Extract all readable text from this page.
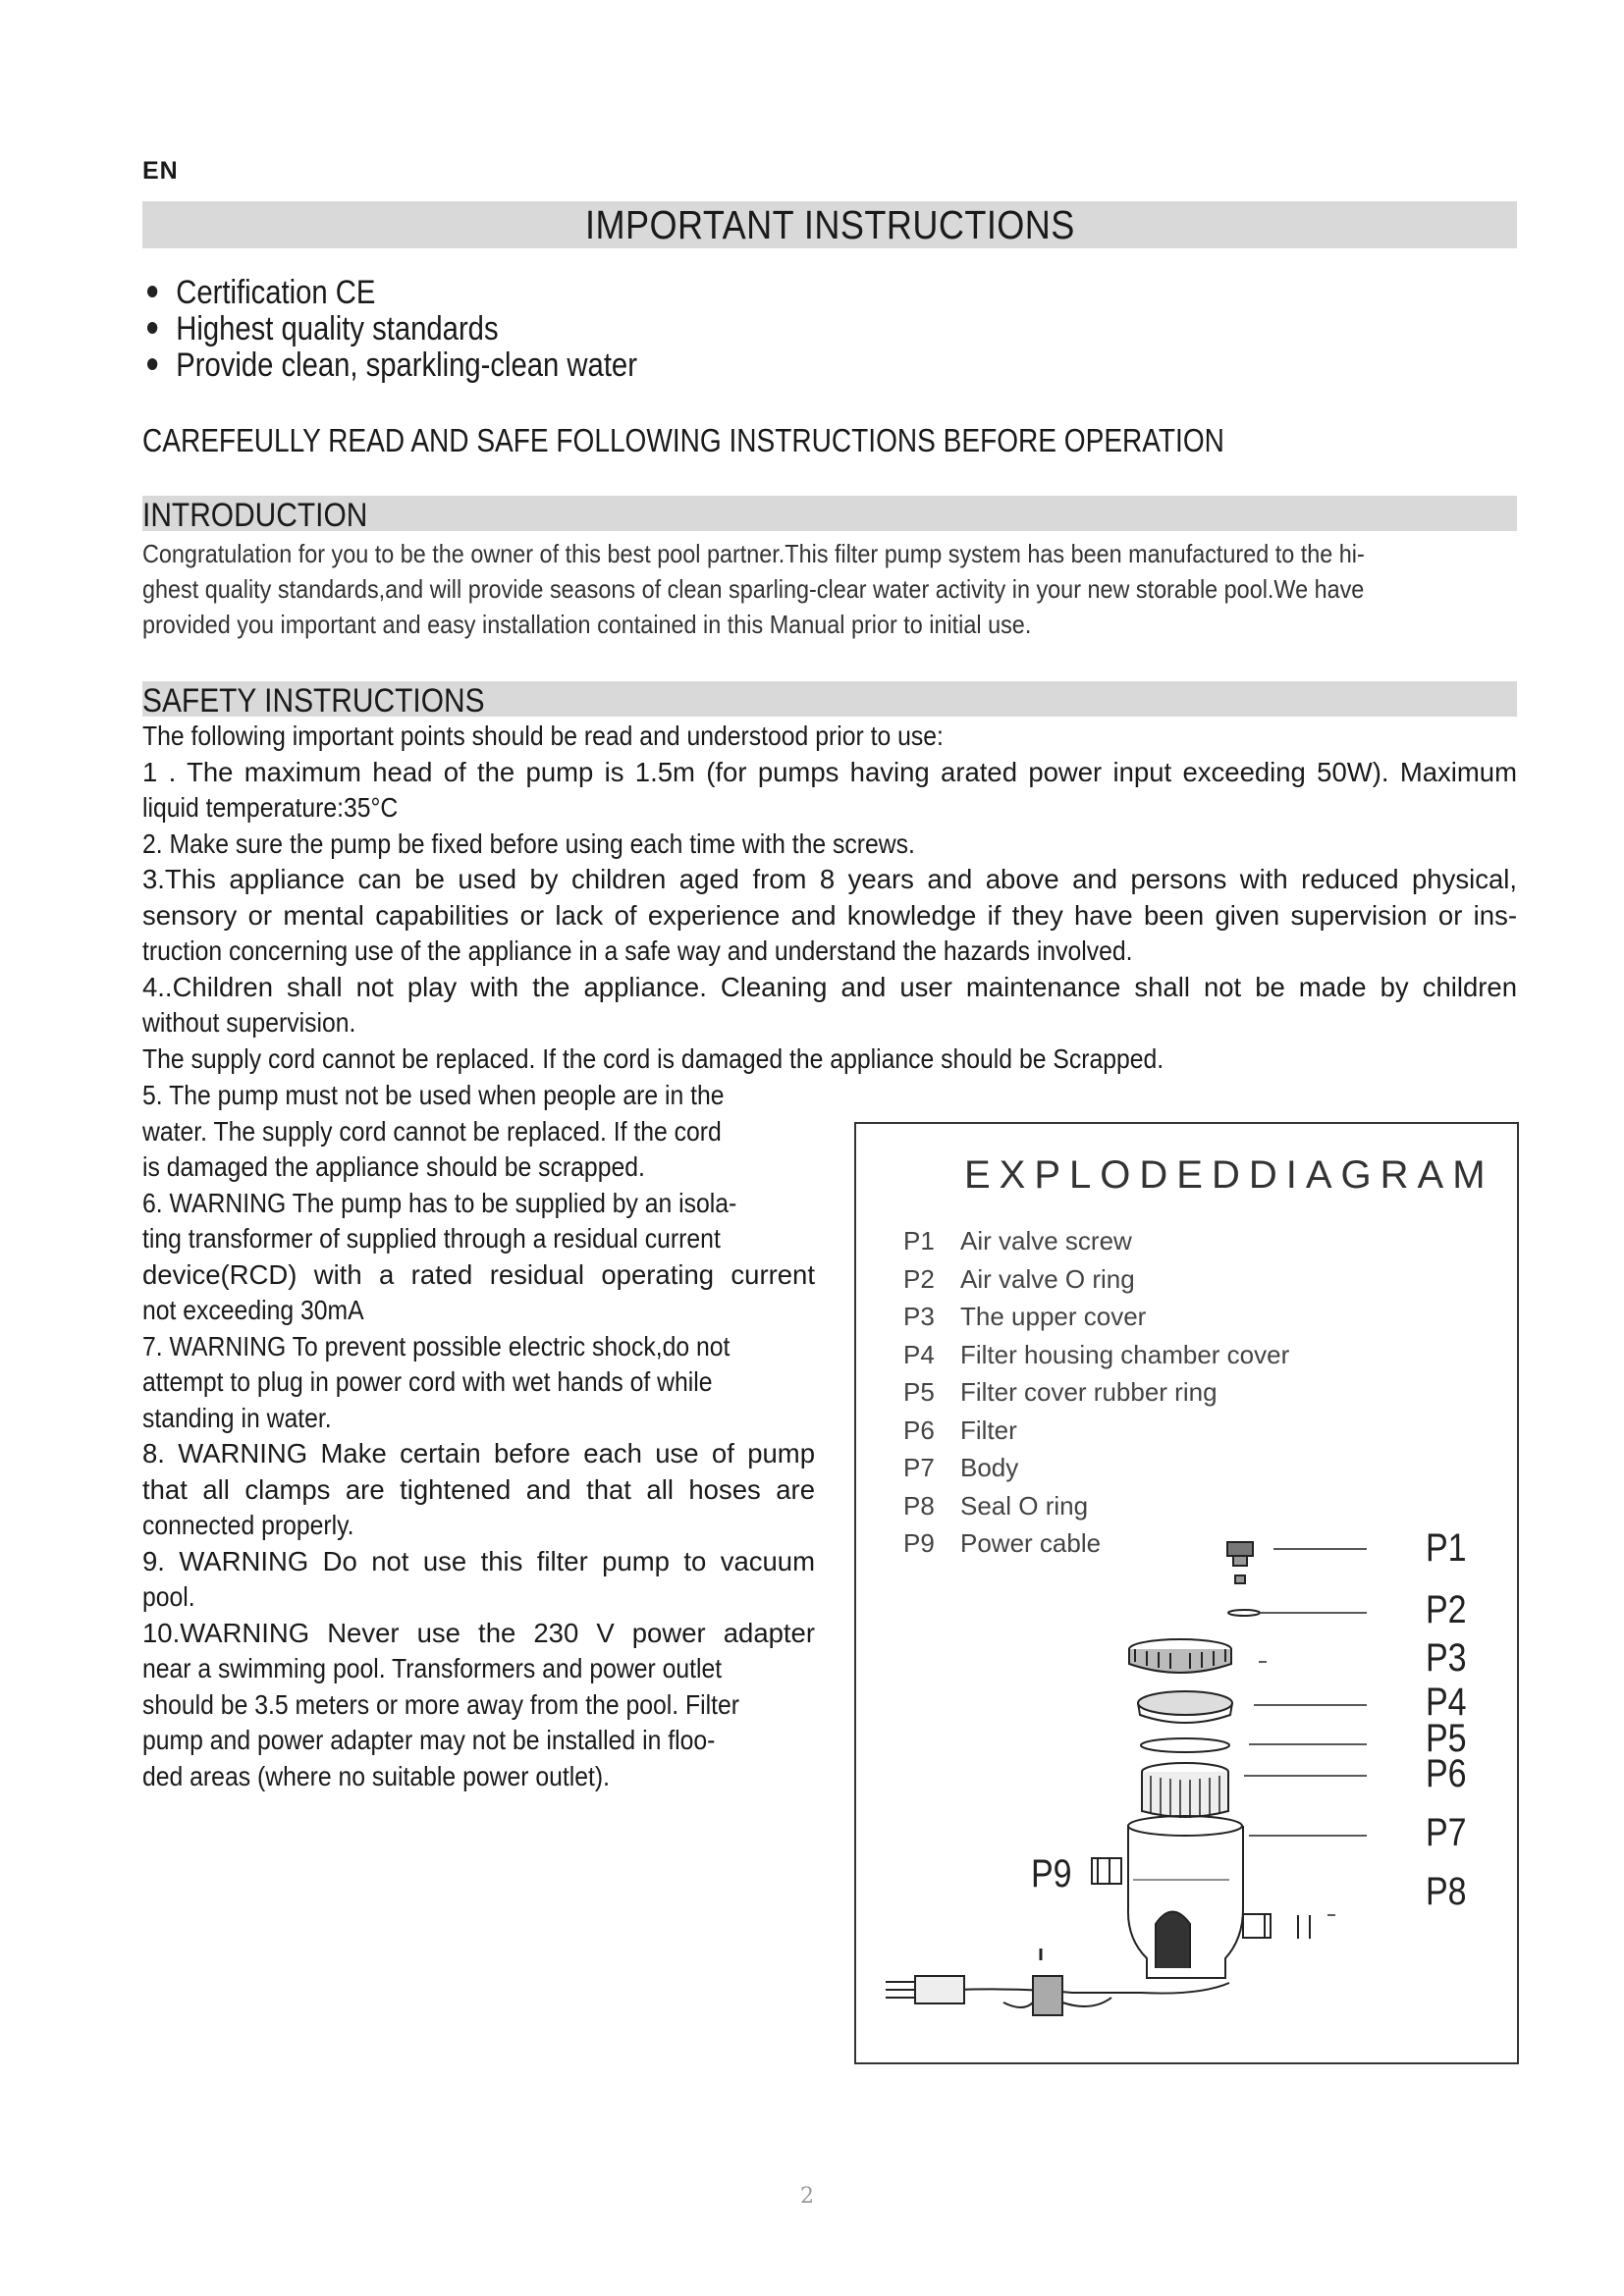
EN
IMPORTANT INSTRUCTIONS
Certification CE
Highest quality standards
Provide clean, sparkling-clean water
CAREFEULLY READ AND SAFE FOLLOWING INSTRUCTIONS BEFORE OPERATION
INTRODUCTION

Congratulation for you to be the owner of this best pool partner.This filter pump system has been manufactured to the hi-

ghest quality standards,and will provide seasons of clean sparling-clear water activity in your new storable pool.We have

provided you important and easy installation contained in this Manual prior to initial use.

SAFETY INSTRUCTIONS

The following important points should be read and understood prior to use:

1 . The maximum head of the pump is 1.5m (for pumps having arated power input exceeding 50W). Maximum

liquid temperature:35°C

2. Make sure the pump be fixed before using each time with the screws.

3.This appliance can be used by children aged from 8 years and above and persons with reduced physical,

sensory or mental capabilities or lack of experience and knowledge if they have been given supervision or ins-

truction concerning use of the appliance in a safe way and understand the hazards involved.

4..Children shall not play with the appliance. Cleaning and user maintenance shall not be made by children

without supervision.

The supply cord cannot be replaced. If the cord is damaged the appliance should be Scrapped.

5. The pump must not be used when people are in the

water. The supply cord cannot be replaced. If the cord

is damaged the appliance should be scrapped.

6. WARNING The pump has to be supplied by an isola-

ting transformer of supplied through a residual current

device(RCD) with a rated residual operating current

not exceeding 30mA

7. WARNING To prevent possible electric shock,do not

attempt to plug in power cord with wet hands of while

standing in water.

8. WARNING Make certain before each use of pump

that all clamps are tightened and that all hoses are

connected properly.

9. WARNING Do not use this filter pump to vacuum

pool.

10.WARNING Never use the 230 V power adapter

near a swimming pool. Transformers and power outlet

should be 3.5 meters or more away from the pool. Filter

pump and power adapter may not be installed in floo-

ded areas (where no suitable power outlet).

EXPLODEDDIAGRAM
P1 Air valve screw
P2 Air valve O ring
P3 The upper cover
P4 Filter housing chamber cover
P5 Filter cover rubber ring
P6 Filter
P7 Body
P8 Seal O ring
P9 Power cable	P1
P2
P3
P4
P5
P6
P7
P8
P9
2
